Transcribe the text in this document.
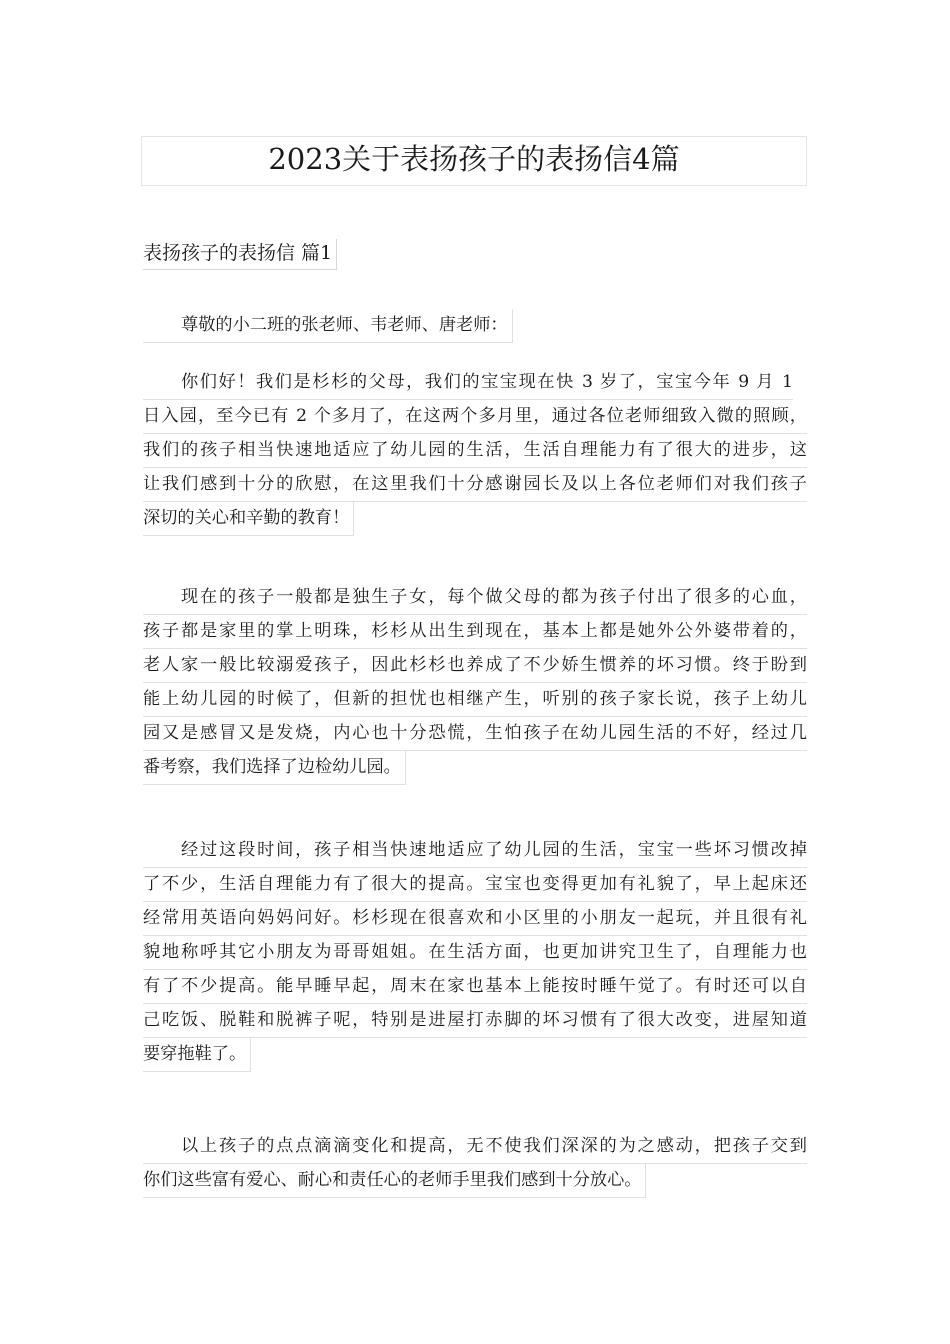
2023关于表扬孩子的表扬信4篇
表扬孩子的表扬信 篇1
尊敬的小二班的张老师、韦老师、唐老师：
你们好！我们是杉杉的父母，我们的宝宝现在快 3 岁了，宝宝今年 9 月 1
日入园，至今已有 2 个多月了，在这两个多月里，通过各位老师细致入微的照顾，
我们的孩子相当快速地适应了幼儿园的生活，生活自理能力有了很大的进步，这
让我们感到十分的欣慰，在这里我们十分感谢园长及以上各位老师们对我们孩子
深切的关心和辛勤的教育！
现在的孩子一般都是独生子女，每个做父母的都为孩子付出了很多的心血，
孩子都是家里的掌上明珠，杉杉从出生到现在，基本上都是她外公外婆带着的，
老人家一般比较溺爱孩子，因此杉杉也养成了不少娇生惯养的坏习惯。终于盼到
能上幼儿园的时候了，但新的担忧也相继产生，听别的孩子家长说，孩子上幼儿
园又是感冒又是发烧，内心也十分恐慌，生怕孩子在幼儿园生活的不好，经过几
番考察，我们选择了边检幼儿园。
经过这段时间，孩子相当快速地适应了幼儿园的生活，宝宝一些坏习惯改掉
了不少，生活自理能力有了很大的提高。宝宝也变得更加有礼貌了，早上起床还
经常用英语向妈妈问好。杉杉现在很喜欢和小区里的小朋友一起玩，并且很有礼
貌地称呼其它小朋友为哥哥姐姐。在生活方面，也更加讲究卫生了，自理能力也
有了不少提高。能早睡早起，周末在家也基本上能按时睡午觉了。有时还可以自
己吃饭、脱鞋和脱裤子呢，特别是进屋打赤脚的坏习惯有了很大改变，进屋知道
要穿拖鞋了。
以上孩子的点点滴滴变化和提高，无不使我们深深的为之感动，把孩子交到
你们这些富有爱心、耐心和责任心的老师手里我们感到十分放心。
